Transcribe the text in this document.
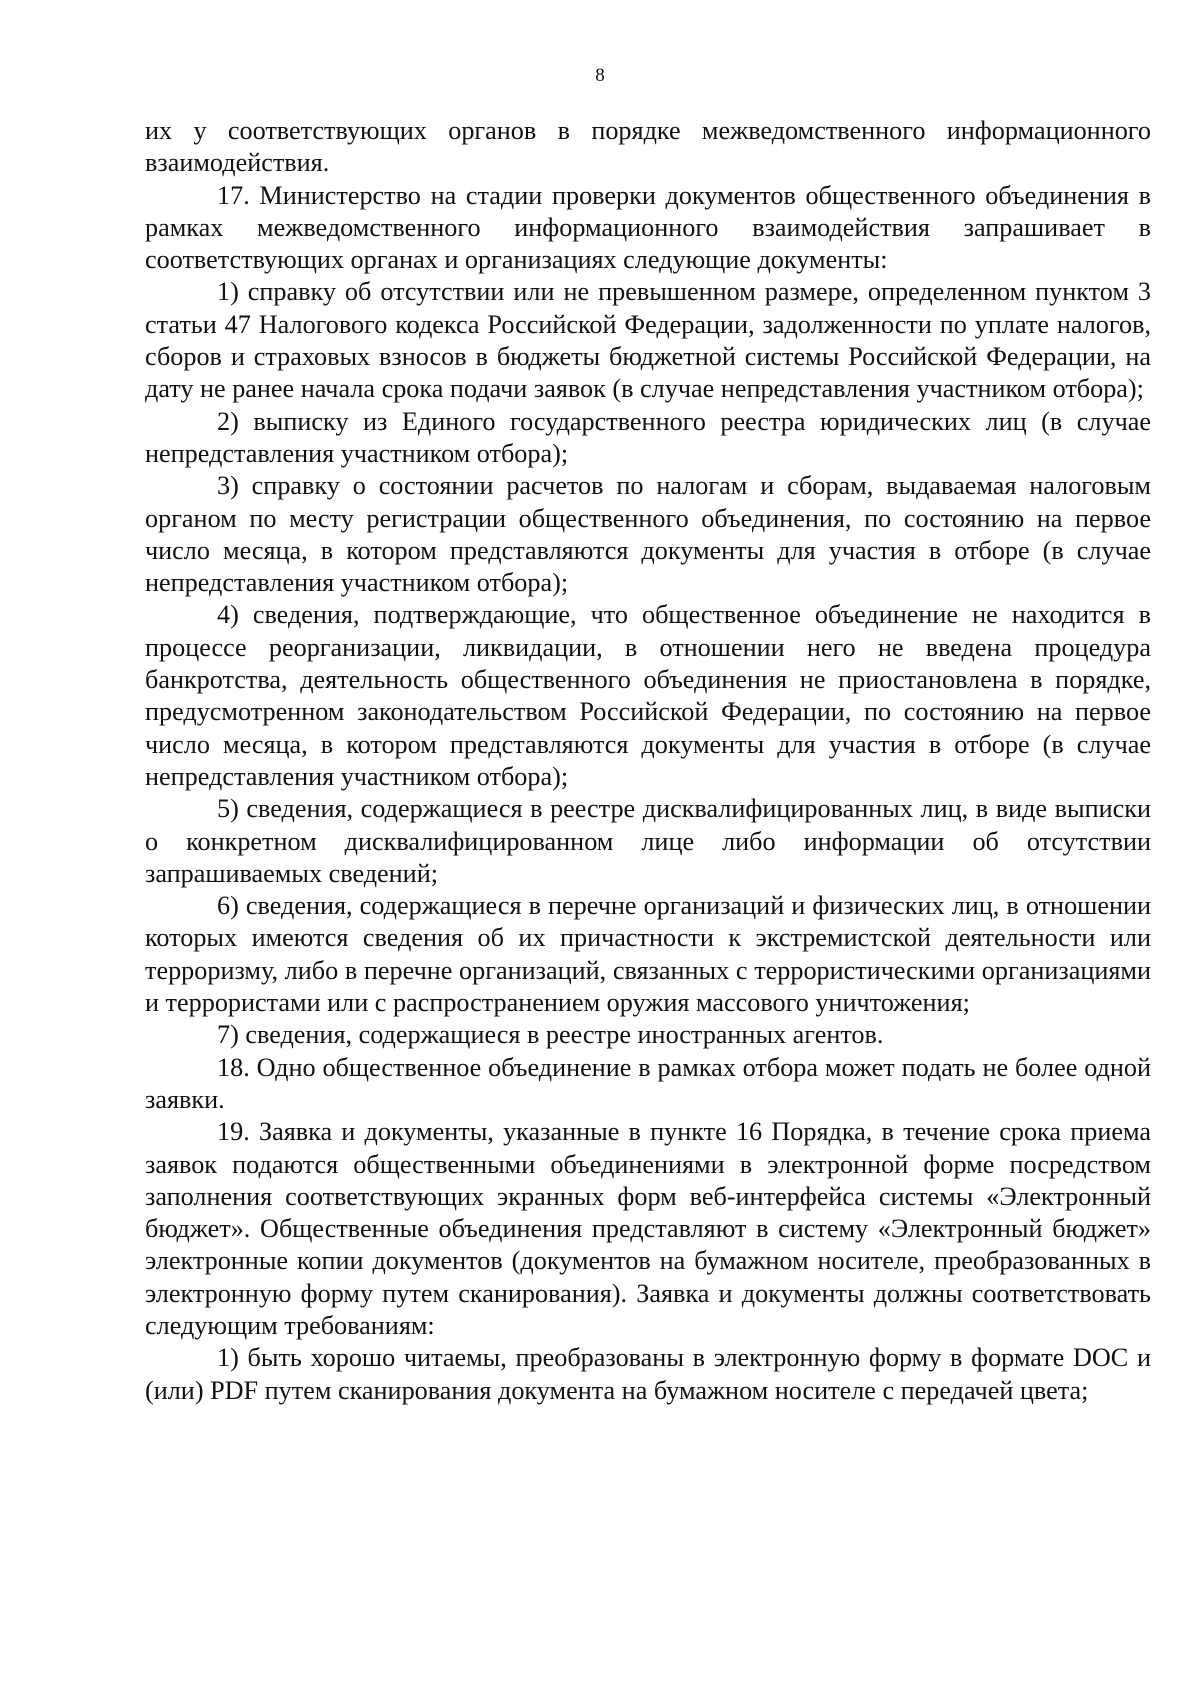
8

их у соответствующих органов в порядке межведомственного информационного взаимодействия.

17. Министерство на стадии проверки документов общественного объединения в рамках межведомственного информационного взаимодействия запрашивает в соответствующих органах и организациях следующие документы:

1) справку об отсутствии или не превышенном размере, определенном пунктом 3 статьи 47 Налогового кодекса Российской Федерации, задолженности по уплате налогов, сборов и страховых взносов в бюджеты бюджетной системы Российской Федерации, на дату не ранее начала срока подачи заявок (в случае непредставления участником отбора);

2) выписку из Единого государственного реестра юридических лиц (в случае непредставления участником отбора);

3) справку о состоянии расчетов по налогам и сборам, выдаваемая налоговым органом по месту регистрации общественного объединения, по состоянию на первое число месяца, в котором представляются документы для участия в отборе (в случае непредставления участником отбора);

4) сведения, подтверждающие, что общественное объединение не находится в процессе реорганизации, ликвидации, в отношении него не введена процедура банкротства, деятельность общественного объединения не приостановлена в порядке, предусмотренном законодательством Российской Федерации, по состоянию на первое число месяца, в котором представляются документы для участия в отборе (в случае непредставления участником отбора);

5) сведения, содержащиеся в реестре дисквалифицированных лиц, в виде выписки о конкретном дисквалифицированном лице либо информации об отсутствии запрашиваемых сведений;

6) сведения, содержащиеся в перечне организаций и физических лиц, в отношении которых имеются сведения об их причастности к экстремистской деятельности или терроризму, либо в перечне организаций, связанных с террористическими организациями и террористами или с распространением оружия массового уничтожения;

7) сведения, содержащиеся в реестре иностранных агентов.

18. Одно общественное объединение в рамках отбора может подать не более одной заявки.

19. Заявка и документы, указанные в пункте 16 Порядка, в течение срока приема заявок подаются общественными объединениями в электронной форме посредством заполнения соответствующих экранных форм веб-интерфейса системы «Электронный бюджет». Общественные объединения представляют в систему «Электронный бюджет» электронные копии документов (документов на бумажном носителе, преобразованных в электронную форму путем сканирования). Заявка и документы должны соответствовать следующим требованиям:

1) быть хорошо читаемы, преобразованы в электронную форму в формате DOC и (или) PDF путем сканирования документа на бумажном носителе с передачей цвета;
